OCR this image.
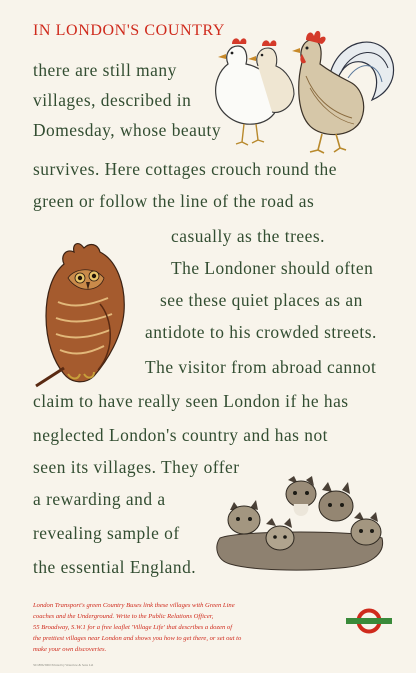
IN LONDON'S COUNTRY
there are still many
villages, described in
Domesday, whose beauty
survives. Here cottages crouch round the
green or follow the line of the road as
casually as the trees.
The Londoner should often
see these quiet places as an
antidote to his crowded streets.
The visitor from abroad cannot
claim to have really seen London if he has
neglected London's country and has not
seen its villages. They offer
a rewarding and a
revealing sample of
the essential England.
London Transport's green Country Buses link these villages with Green Line
coaches and the Underground. Write to the Public Relations Officer,
55 Broadway, S.W.1 for a free leaflet 'Village Life' that describes a dozen of
the prettiest villages near London and shows you how to get there, or set out to
make your own discoveries.
50/1886/3000 Printed by Waterlow & Sons Ltd
